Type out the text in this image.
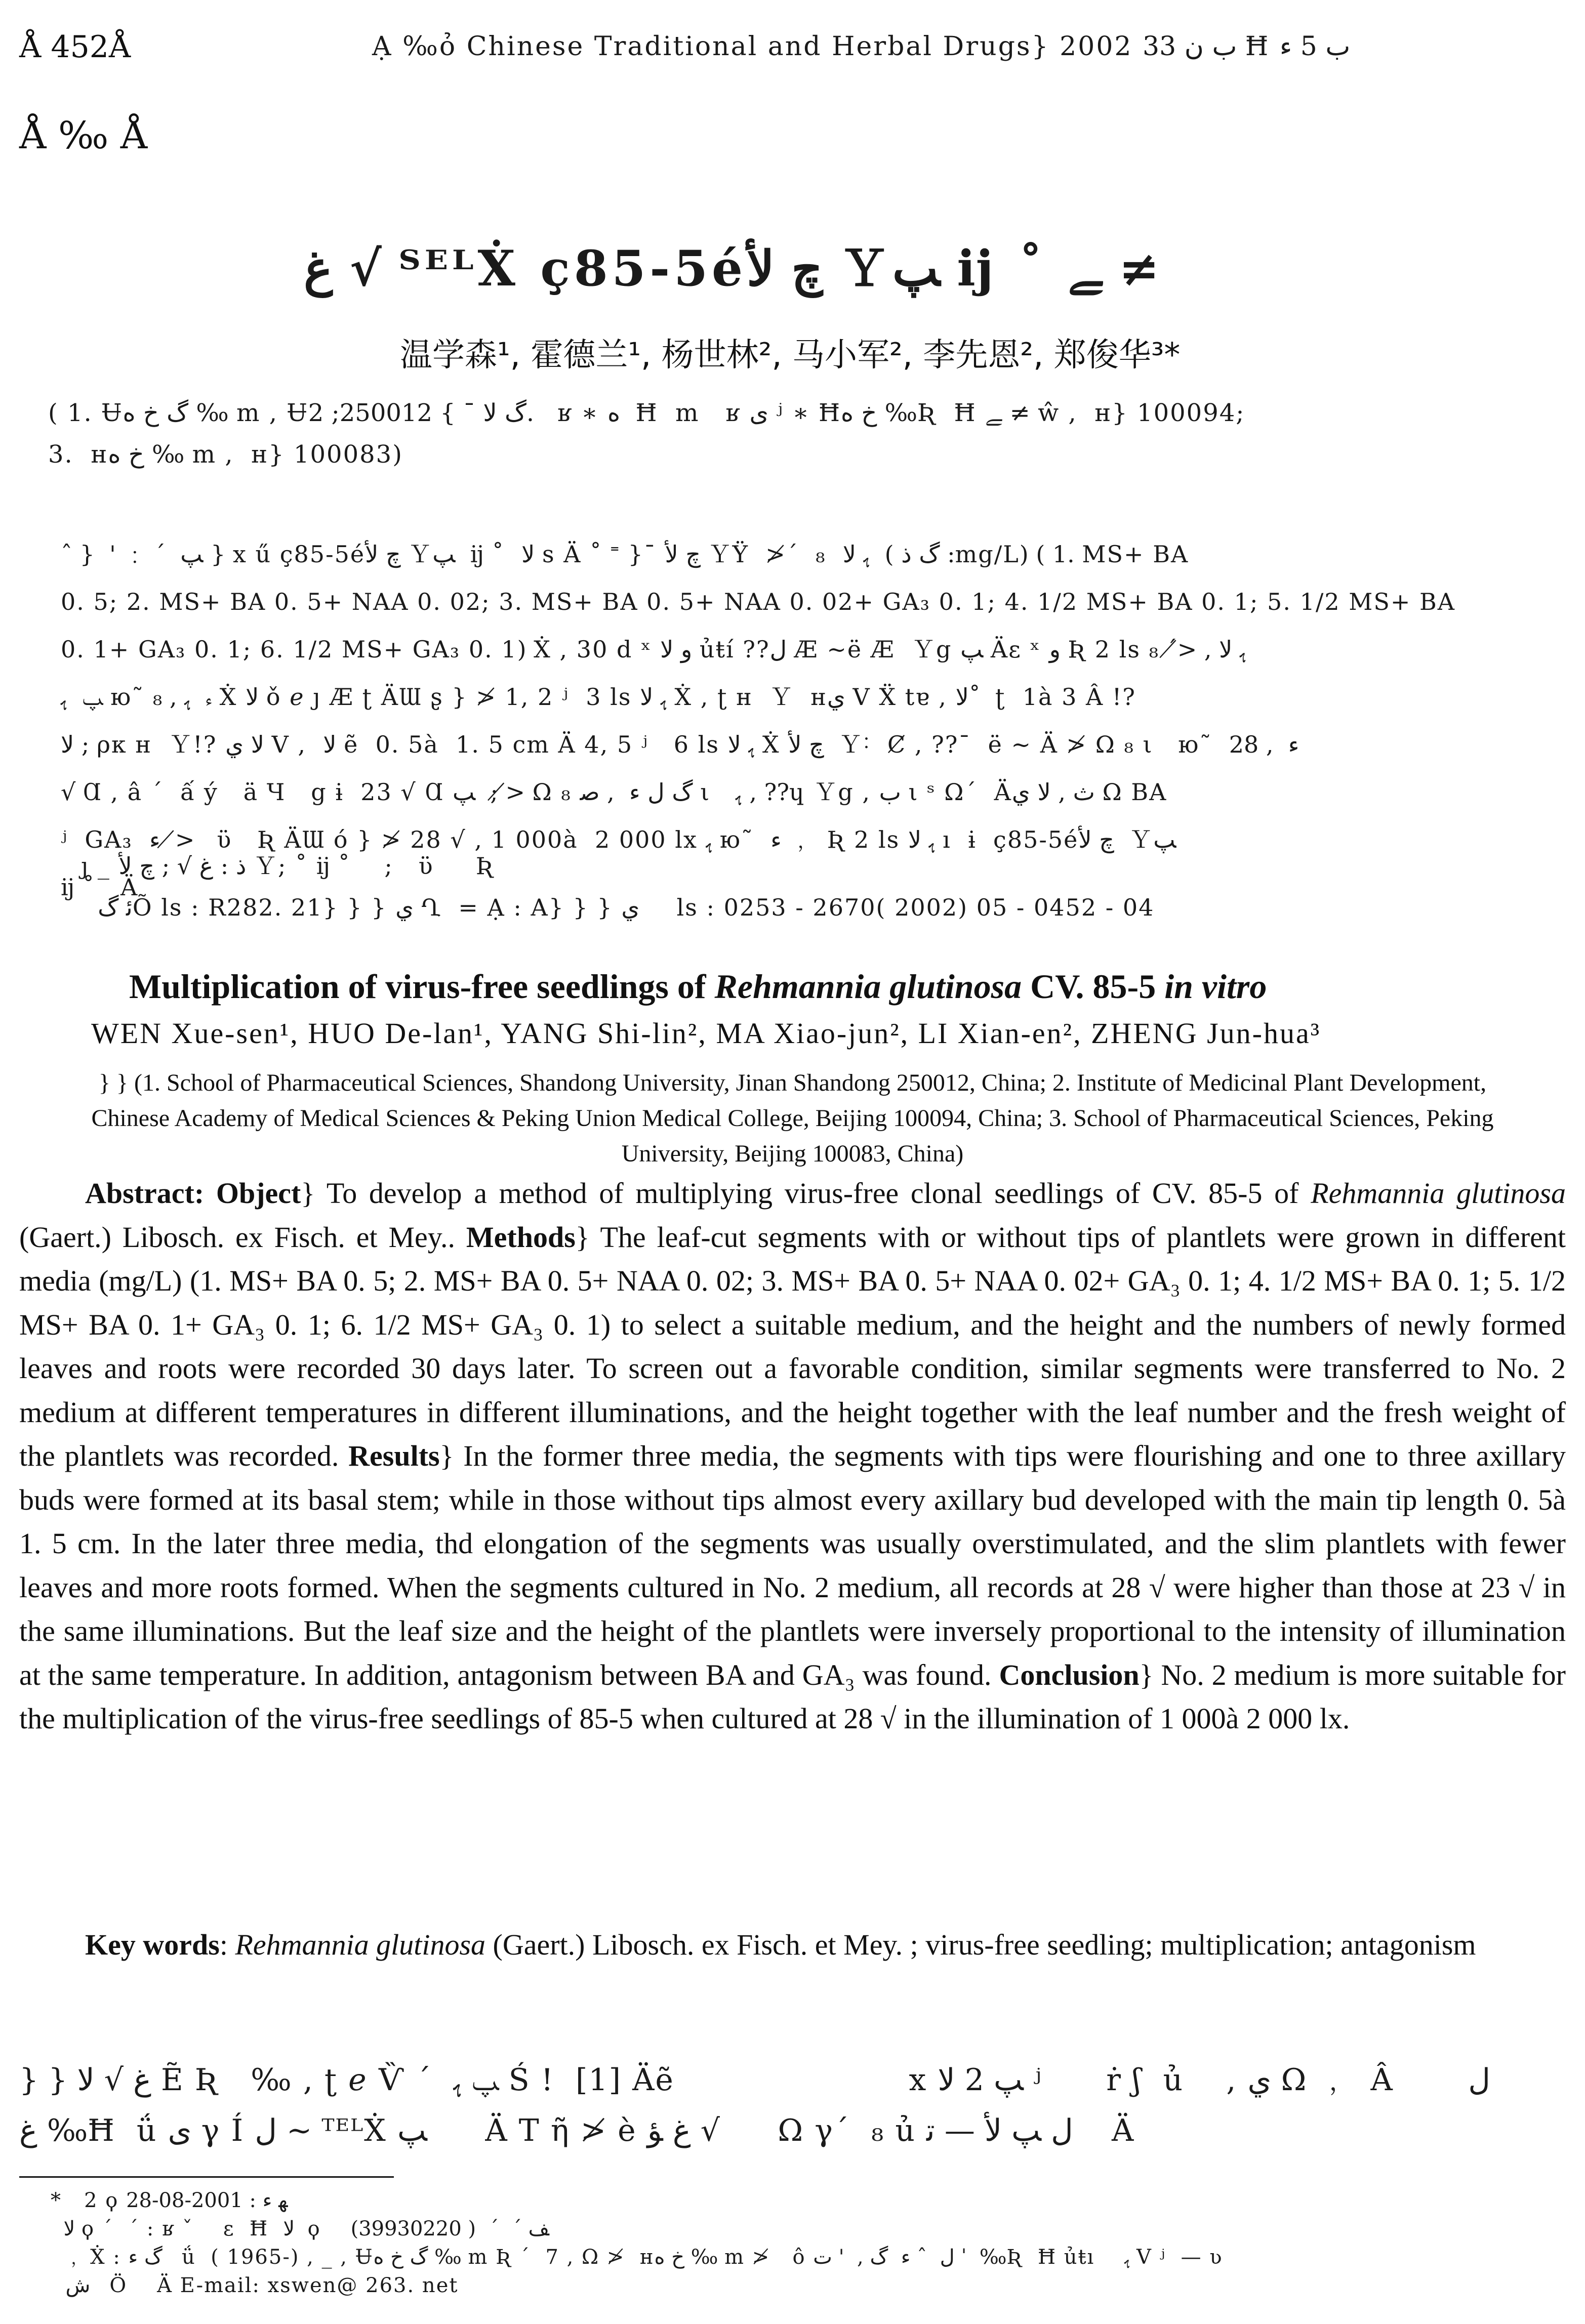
Å 452Å	Ạ ‰ỏ Chinese Traditional and Herbal Drugs} 2002 ﺏ ﻥ 33 Ħ ﺏ 5 ﺀ
Å ‰ Å
ﻍ √ ᵀᴱᴸẊ ç85-5éﭺ ﻷ Ｙﭗ ĳ ˚ ﮯ ≠
温学森¹, 霍德兰¹, 杨世林², 马小军², 李先恩², 郑俊华³*
( 1. Ʉﮒ ﺥ ﻩ ‰ m , Ʉﮒ ﻻ ¯ } 250012; 2.   ʁ ∗ ﻩ  Ħ  m   ʁ ﻯ ʲ ∗ Ħﺥ ﻩ ‰Ʀ  Ħ ﮯ ≠ ŵ ,  ʜ} 100094;
3. ￼ ʜﺥ ﻩ ‰ m , ￼ ʜ} 100083)
ˆ }  ' ﹕ ˊ  ﭗ } x ű ç85-5éﭺ ﻷ Ｙﭗ  ĳ ˚  ﻻ s Ä ˚ ˭ }¯ ﭺ ﻷ ＹŸ  ≯ˊ  ₈  ﮨ ﻻ  ( ﮒ ﺫ :mg/L) ( 1. MS+ BA
0. 5; 2. MS+ BA 0. 5+ NAA 0. 02; 3. MS+ BA 0. 5+ NAA 0. 02+ GA₃ 0. 1; 4. 1/2 MS+ BA 0. 1; 5. 1/2 MS+ BA
0. 1+ GA₃ 0. 1; 6. 1/2 MS+ GA₃ 0. 1) Ẋ , 30 d ˣ ﻭ ﻻ ủŧí ??ﻝ Æ ~ë Æ  Ｙg ﭗ Äɛ ˣ ﻭ Ʀ 2 ls ﮨ ﻻ , ≯ˊ ₈
ﭗ  ﮨ ю˜ ﺀ  ﮨ , ₈ Ẋ ﻻ ǒ ℯ ȷ Æ ʈ ÄƜ ʂ } ≯ 1, 2 ʲ  3 ls ﮨ ﻻ Ẋ , ʈ ʜ  Ｙ  ʜﻱ V Ẍ tɐ , ﻻ˚  ʈ  1à 3 Â !?
ﻻ ; ρк ʜ  Ｙ!? ﻻ ﻱ V ,  ﻻ ẽ  0. 5à  1. 5 cm Ä 4, 5 ʲ   6 ls ﮨ ﻻ Ẋ ﭺ ﻷ  Ｙ˸  Ȼ , ??ˉ  ë ~ Ä ≯ Ω ₈ ι   ю˜  ﺀ  , 28
√ Ɑ , â ˊ  ấ ý   ä Ч   g ɨ  23 √ Ɑ ﭗ  ; ≯ Ω ₈ ﮒ ﻝ ﺀ  , ﺻ ι   ﮨ , ??ɥ Ｙg , ﺏ ι ˢ Ωˊ  Äث , ﻻ ﻱ Ω BA
ʲ  GA₃  ﺀ  ≯   ϋ   Ʀ ÄƜ ó } ≯ 28 √ , 1 000à  2 000 lx ﮨ ю˜  ﺀ ﹐  Ʀ 2 ls ﮨ ﻻ ı  ɨ  ç85-5éﭺ ﻷ  Ｙﭗ
ĳ ˚   Ä
ȷ _ ﺫ : ﻍ √ ; ﭺ ﻷ Ｙ; ˚ ĳ ˚    ;   ϋ     Ʀ
ﺋ ﮒÕ ls : R282. 21} } } ﻱ Ղ ￼ = Ạ : A} } } ﻱ    ￼ ls : 0253 - 2670( 2002) 05 - 0452 - 04
Multiplication of virus-free seedlings of Rehmannia glutinosa CV. 85-5 in vitro
WEN Xue-sen¹, HUO De-lan¹, YANG Shi-lin², MA Xiao-jun², LI Xian-en², ZHENG Jun-hua³
} } (1. School of Pharmaceutical Sciences, Shandong University, Jinan Shandong 250012, China; 2. Institute of Medicinal Plant Development, Chinese Academy of Medical Sciences & Peking Union Medical College, Beijing 100094, China; 3. School of Pharmaceutical Sciences, Peking University, Beijing 100083, China)
Abstract: Object} To develop a method of multiplying virus-free clonal seedlings of CV. 85-5 of Rehmannia glutinosa (Gaert.) Libosch. ex Fisch. et Mey.. Methods} The leaf-cut segments with or without tips of plantlets were grown in different media (mg/L) (1. MS+ BA 0. 5; 2. MS+ BA 0. 5+ NAA 0. 02; 3. MS+ BA 0. 5+ NAA 0. 02+ GA₃ 0. 1; 4. 1/2 MS+ BA 0. 1; 5. 1/2 MS+ BA 0. 1+ GA₃ 0. 1; 6. 1/2 MS+ GA₃ 0. 1) to select a suitable medium, and the height and the numbers of newly formed leaves and roots were recorded 30 days later. To screen out a favorable condition, similar segments were transferred to No. 2 medium at different temperatures in different illuminations, and the height together with the leaf number and the fresh weight of the plantlets was recorded. Results} In the former three media, the segments with tips were flourishing and one to three axillary buds were formed at its basal stem; while in those without tips almost every axillary bud developed with the main tip length 0. 5à 1. 5 cm. In the later three media, thd elongation of the segments was usually overstimulated, and the slim plantlets with fewer leaves and more roots formed. When the segments cultured in No. 2 medium, all records at 28 √ were higher than those at 23 √ in the same illuminations. But the leaf size and the height of the plantlets were inversely proportional to the intensity of illumination at the same temperature. In addition, antagonism between BA and GA₃ was found. Conclusion} No. 2 medium is more suitable for the multiplication of the virus-free seedlings of 85-5 when cultured at 28 √ in the illumination of 1 000à 2 000 lx.
Key words: Rehmannia glutinosa (Gaert.) Libosch. ex Fisch. et Mey. ; virus-free seedling; multiplication; antagonism
} } ﻍ √ ﻻ Ẽ Ʀ   ‰ , ʈ ℯ Ѷ ˊ  ﭗ ﮨ Ś !  [1] Äẽ                      x ﭗ 2 ﻻ ʲ      ṙ ʃ  ủ    , ﻱ Ω ﹐  Â       ﻝ ￼
ﻍ ‰Ħ  ǘ ﻯ γ Í ﻝ ~ ᵀᴱᴸẊ ﭗ      Ä T ῆ ≯ è ﻍ ﺆ √      Ω γˊ  ₈ ủ ﻝ ﭗ ﻷ — ﺗ    Ä
*   2 ϙ ﻬ ﺀ : 2001-08-28
ﻻ ϙ ˊ  ˊ : ʁ ˇ    ɛ  Ħ  ﻻ  ϙ    ﻒ ˊ  ˊ  ( 39930220)
﹐ Ẋ : ﮒ ﺀ   ǘ  ( 1965-) , _ , Ʉﮒ ﺥ ﻩ ‰ m Ʀ ˊ  7 , Ω ≯ ￼ ʜﺥ ﻩ ‰ m ≯   ô ﻝ  ˆ ﺀ  ﮒ ,  ' ﺕ ˈ  ‰Ʀ  Ħ ủŧı    ﮨ V ʲ  — ʋ
ﺵ   Ö    Ä E-mail: xswen@ 263. net
